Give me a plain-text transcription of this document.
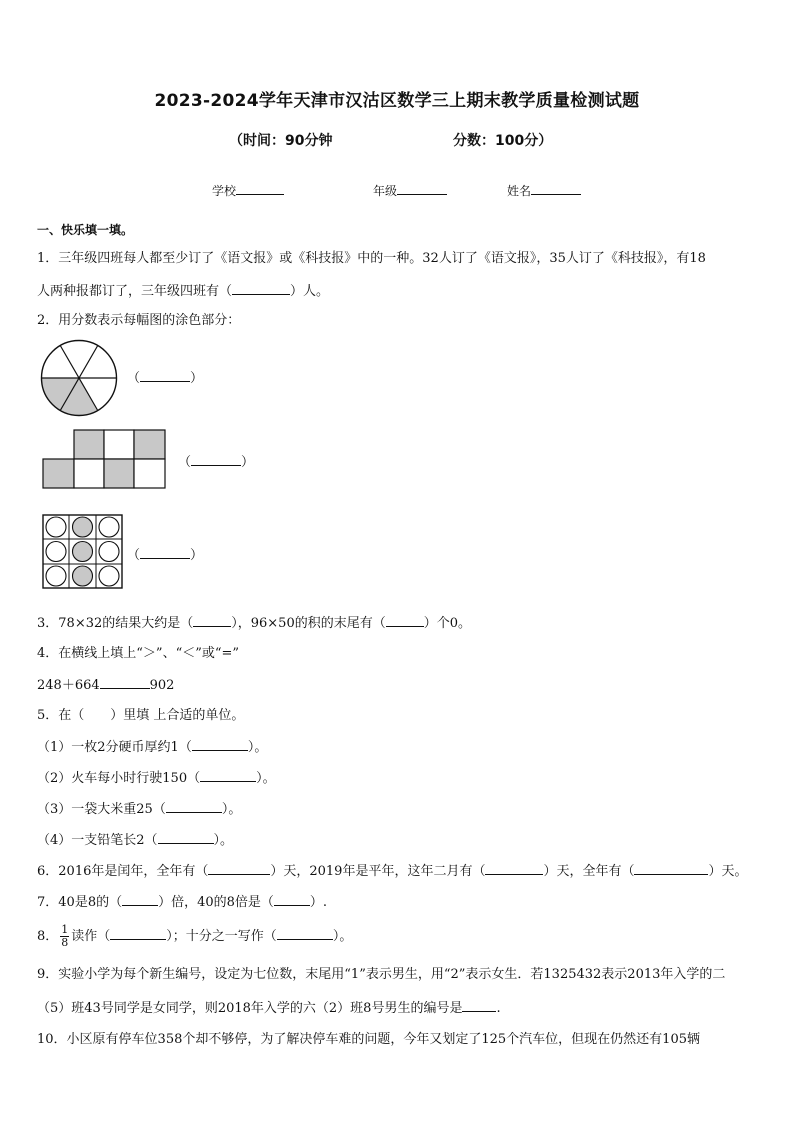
2023-2024学年天津市汉沽区数学三上期末教学质量检测试题
（时间：90分钟	分数：100分）
学校	年级	姓名
一、快乐填一填。
1．三年级四班每人都至少订了《语文报》或《科技报》中的一种。32人订了《语文报》，35人订了《科技报》，有18
人两种报都订了，三年级四班有（	）人。
2．用分数表示每幅图的涂色部分：
（	）
（	）
（	）
3．78×32的结果大约是（	），96×50的积的末尾有（	）个0。
4．在横线上填上“＞”、“＜”或“=”
248＋664	902
5．在（　　）里填 上合适的单位。
（1）一枚2分硬币厚约1（	）。
（2）火车每小时行驶150（	）。
（3）一袋大米重25（	）。
（4）一支铅笔长2（	）。
6．2016年是闰年，全年有（	）天，2019年是平年，这年二月有（	）天，全年有（	）天。
7．40是8的（	）倍，40的8倍是（	）.
8． $\frac{1}{8}$ 读作（	）；十分之一写作（	）。
9．实验小学为每个新生编号，设定为七位数，末尾用“1”表示男生，用“2”表示女生．若1325432表示2013年入学的二
（5）班43号同学是女同学，则2018年入学的六（2）班8号男生的编号是	.
10．小区原有停车位358个却不够停，为了解决停车难的问题，今年又划定了125个汽车位，但现在仍然还有105辆
